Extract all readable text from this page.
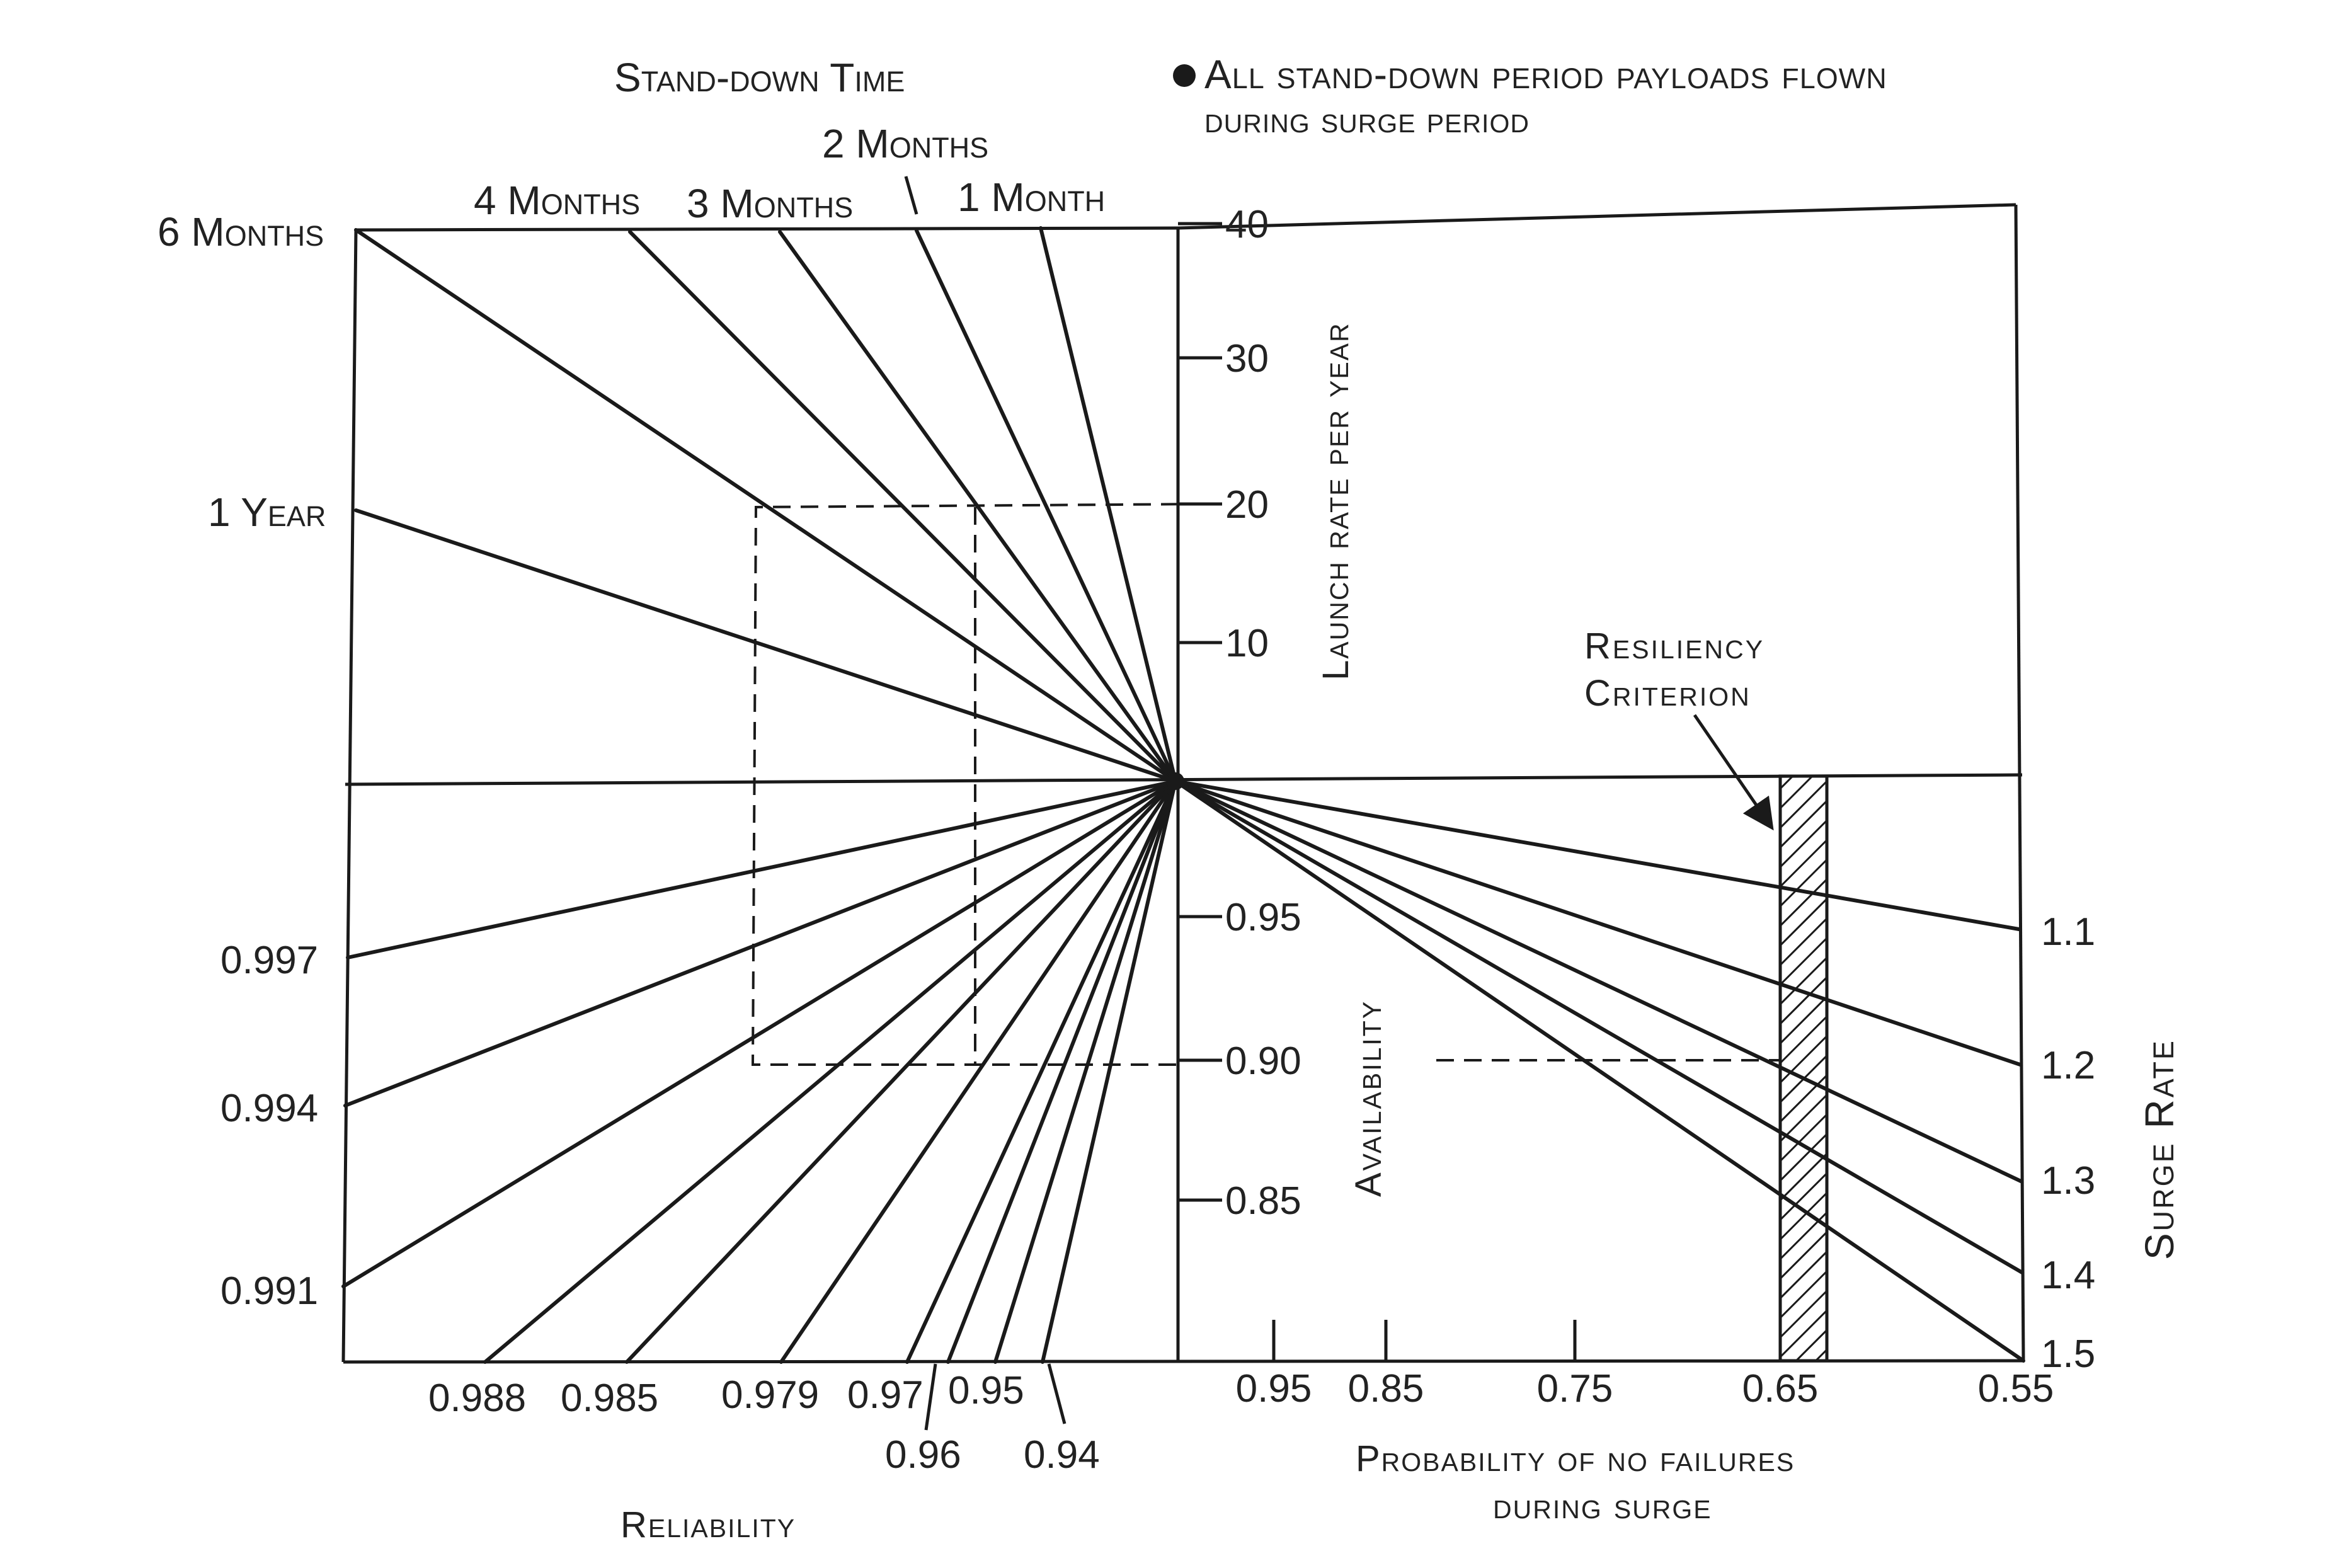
6 Months
1 Year
4 Months 3 Months
2 Months
1 Month
0.997
0.994
0.991
0.988 0.985 0.979 0.97
0.96
0.95
0.94
1.1
1.2
1.3
1.4
1.5
10
20
30
40
0.95
0.90
0.85
0.95 0.85	0.75	0.65	0.55
All stand-down period payloads flown
during surge period
Stand-down Time
Launch rate per year
Availability	Surge Rate
Reliability
Probability of no failures
during surge
Resiliency
Criterion
